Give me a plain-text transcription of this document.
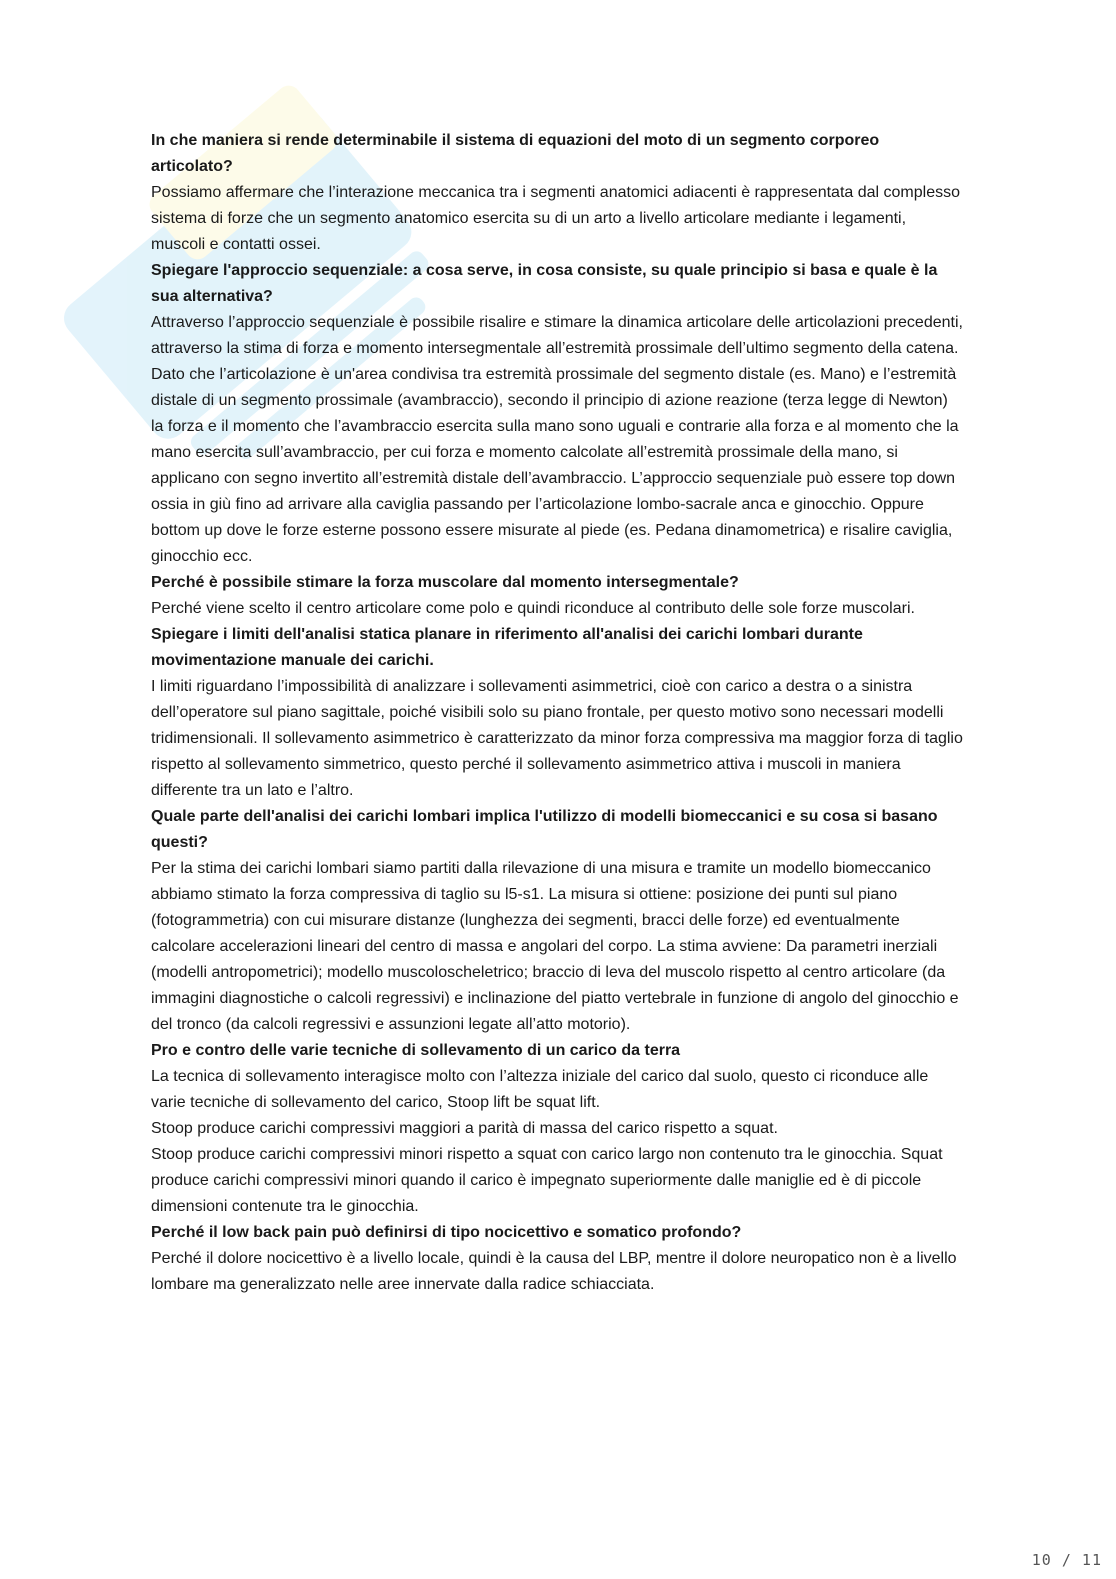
In che maniera si rende determinabile il sistema di equazioni del moto di un segmento corporeo articolato?

Possiamo affermare che l’interazione meccanica tra i segmenti anatomici adiacenti è rappresentata dal complesso sistema di forze che un segmento anatomico esercita su di un arto a livello articolare mediante i legamenti, muscoli e contatti ossei.

Spiegare l'approccio sequenziale: a cosa serve, in cosa consiste, su quale principio si basa e quale è la sua alternativa?

Attraverso l’approccio sequenziale è possibile risalire e stimare la dinamica articolare delle articolazioni precedenti, attraverso la stima di forza e momento intersegmentale all’estremità prossimale dell’ultimo segmento della catena. Dato che l’articolazione è un'area condivisa tra estremità prossimale del segmento distale (es. Mano) e l’estremità distale di un segmento prossimale (avambraccio), secondo il principio di azione reazione (terza legge di Newton) la forza e il momento che l’avambraccio esercita sulla mano sono uguali e contrarie alla forza e al momento che la mano esercita sull’avambraccio, per cui forza e momento calcolate all’estremità prossimale della mano, si applicano con segno invertito all’estremità distale dell’avambraccio. L’approccio sequenziale può essere top down ossia in giù fino ad arrivare alla caviglia passando per l’articolazione lombo-sacrale anca e ginocchio. Oppure bottom up dove le forze esterne possono essere misurate al piede (es. Pedana dinamometrica) e risalire caviglia, ginocchio ecc.

Perché è possibile stimare la forza muscolare dal momento intersegmentale?

Perché viene scelto il centro articolare come polo e quindi riconduce al contributo delle sole forze muscolari.

Spiegare i limiti dell'analisi statica planare in riferimento all'analisi dei carichi lombari durante movimentazione manuale dei carichi.

I limiti riguardano l’impossibilità di analizzare i sollevamenti asimmetrici, cioè con carico a destra o a sinistra dell’operatore sul piano sagittale, poiché visibili solo su piano frontale, per questo motivo sono necessari modelli tridimensionali. Il sollevamento asimmetrico è caratterizzato da minor forza compressiva ma maggior forza di taglio rispetto al sollevamento simmetrico, questo perché il sollevamento asimmetrico attiva i muscoli in maniera differente tra un lato e l’altro.

Quale parte dell'analisi dei carichi lombari implica l'utilizzo di modelli biomeccanici e su cosa si basano questi?

Per la stima dei carichi lombari siamo partiti dalla rilevazione di una misura e tramite un modello biomeccanico abbiamo stimato la forza compressiva di taglio su l5-s1. La misura si ottiene: posizione dei punti sul piano (fotogrammetria) con cui misurare distanze (lunghezza dei segmenti, bracci delle forze) ed eventualmente calcolare accelerazioni lineari del centro di massa e angolari del corpo. La stima avviene: Da parametri inerziali (modelli antropometrici); modello muscoloscheletrico; braccio di leva del muscolo rispetto al centro articolare (da immagini diagnostiche o calcoli regressivi) e inclinazione del piatto vertebrale in funzione di angolo del ginocchio e del tronco (da calcoli regressivi e assunzioni legate all’atto motorio).

Pro e contro delle varie tecniche di sollevamento di un carico da terra

La tecnica di sollevamento interagisce molto con l’altezza iniziale del carico dal suolo, questo ci riconduce alle varie tecniche di sollevamento del carico, Stoop lift be squat lift.

Stoop produce carichi compressivi maggiori a parità di massa del carico rispetto a squat.

Stoop produce carichi compressivi minori rispetto a squat con carico largo non contenuto tra le ginocchia. Squat produce carichi compressivi minori quando il carico è impegnato superiormente dalle maniglie ed è di piccole dimensioni contenute tra le ginocchia.

Perché il low back pain può definirsi di tipo nocicettivo e somatico profondo?

Perché il dolore nocicettivo è a livello locale, quindi è la causa del LBP, mentre il dolore neuropatico non è a livello lombare ma generalizzato nelle aree innervate dalla radice schiacciata.

10 / 11
